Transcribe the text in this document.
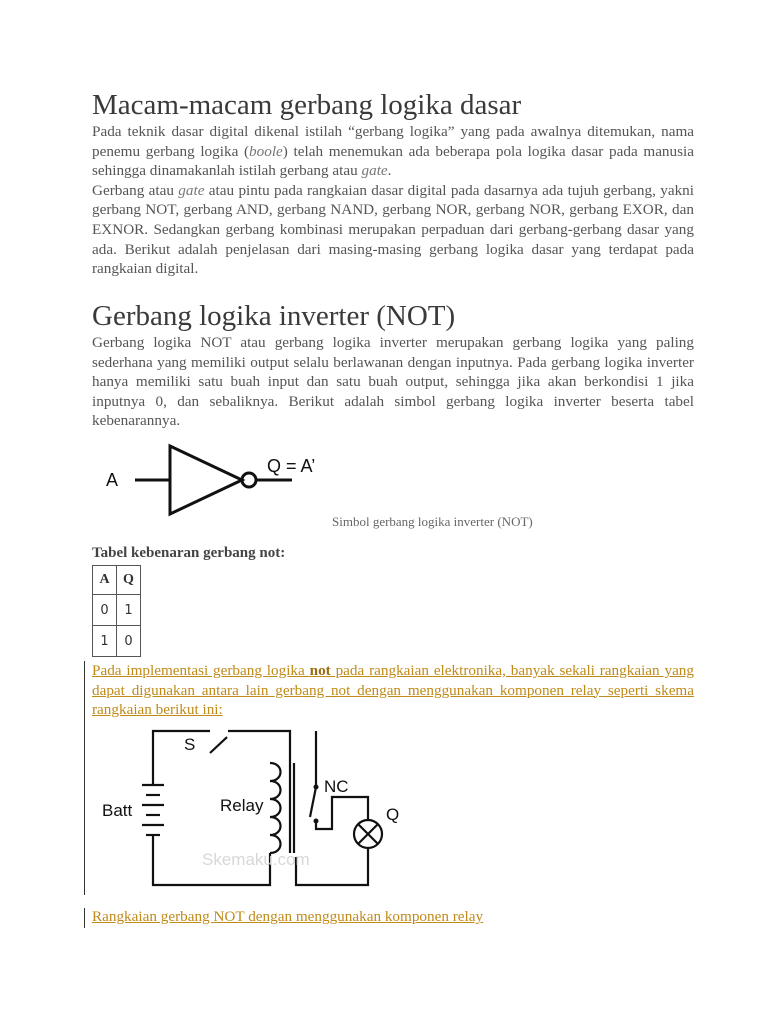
Macam-macam gerbang logika dasar

Pada teknik dasar digital dikenal istilah “gerbang logika” yang pada awalnya ditemukan, nama penemu gerbang logika (boole) telah menemukan ada beberapa pola logika dasar pada manusia sehingga dinamakanlah istilah gerbang atau gate.

Gerbang atau gate atau pintu pada rangkaian dasar digital pada dasarnya ada tujuh gerbang, yakni gerbang NOT, gerbang AND, gerbang NAND, gerbang NOR, gerbang NOR, gerbang EXOR, dan EXNOR. Sedangkan gerbang kombinasi merupakan perpaduan dari gerbang-gerbang dasar yang ada. Berikut adalah penjelasan dari masing-masing gerbang logika dasar yang terdapat pada rangkaian digital.

Gerbang logika inverter (NOT)

Gerbang logika NOT atau gerbang logika inverter merupakan gerbang logika yang paling sederhana yang memiliki output selalu berlawanan dengan inputnya. Pada gerbang logika inverter hanya memiliki satu buah input dan satu buah output, sehingga jika akan berkondisi 1 jika inputnya 0, dan sebaliknya. Berikut adalah simbol gerbang logika inverter beserta tabel kebenarannya.

A
Q = A’
Simbol gerbang logika inverter (NOT)
Tabel kebenaran gerbang not:
A	Q
0	1
1	0

Pada implementasi gerbang logika not pada rangkaian elektronika, banyak sekali rangkaian yang dapat digunakan antara lain gerbang not dengan menggunakan komponen relay seperti skema rangkaian berikut ini:

S
NC
Batt	Relay	Q
Skemaku.com
Rangkaian gerbang NOT dengan menggunakan komponen relay
